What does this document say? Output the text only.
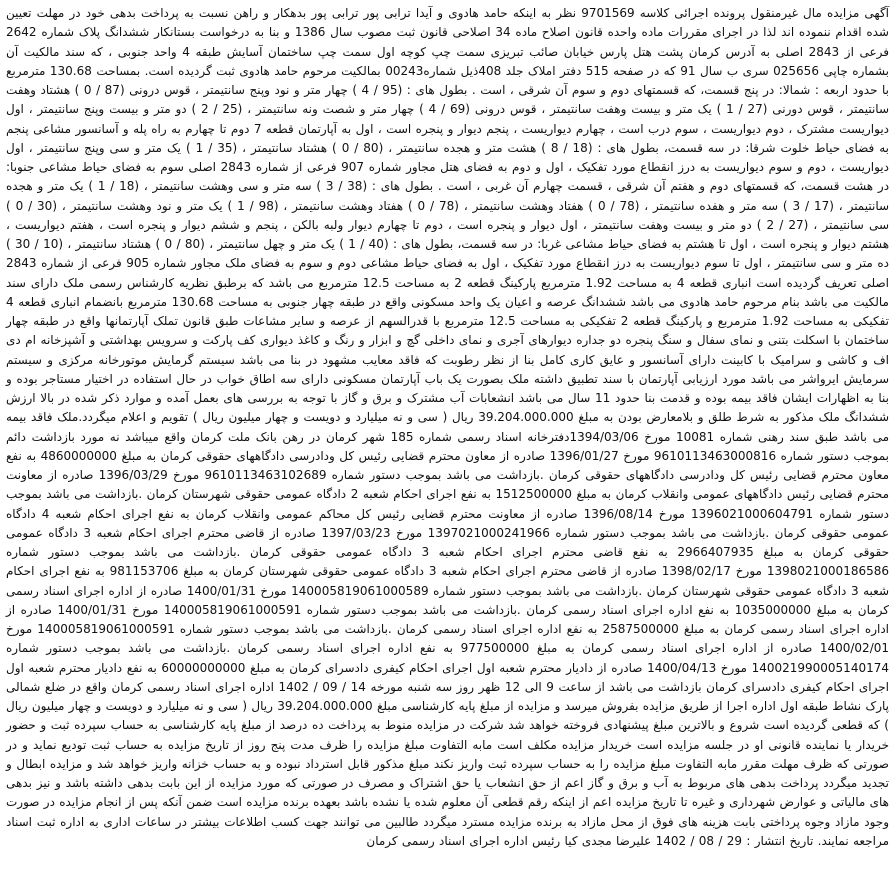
آگهی مزایده مال غیرمنقول پرونده اجرائی کلاسه 9701569 نظر به اینکه حامد هادوی و آیدا ترابی پور ترابی پور بدهکار و راهن نسبت به پرداخت بدهی خود در مهلت تعیین شده اقدام ننموده اند لذا در اجرای مقررات ماده واحده قانون اصلاح ماده 34 اصلاحی قانون ثبت مصوب سال 1386 و بنا به درخواست بستانکار ششدانگ پلاک شماره 2642 فرعی از 2843 اصلی به آدرس کرمان پشت هتل پارس خیابان صائب تبریزی سمت چپ کوچه اول سمت چپ ساختمان آسایش طبقه 4 واحد جنوبی ، که سند مالکیت آن بشماره چاپی 025656 سری ب سال 91 که در صفحه 515 دفتر املاک جلد 408ذیل شماره00243 بمالکیت مرحوم حامد هادوی ثبت گردیده است. بمساحت 130.68 مترمربع با حدود اربعه : شمالا: در پنج قسمت، که قسمتهای دوم و سوم آن شرقی ، است . بطول های : (95 / 4 ) چهار متر و نود وپنج سانتیمتر ، قوس درونی (87 / 0 ) هشتاد وهفت سانتیمتر ، قوس دورنی (27 / 1 ) یک متر و بیست وهفت سانتیمتر ، قوس درونی (69 / 4 ) چهار متر و شصت ونه سانتیمتر ، (25 / 2 ) دو متر و بیست وپنج سانتیمتر ، اول دیواریست مشترک ، دوم دیواریست ، سوم درب است ، چهارم دیواریست ، پنجم دیوار و پنجره است ، اول به آپارتمان قطعه 7 دوم تا چهارم به راه پله و آسانسور مشاعی پنجم به فضای حیاط خلوت شرقا: در سه قسمت، بطول های : (18 / 8 ) هشت متر و هجده سانتیمتر ، (80 / 0 ) هشتاد سانتیمتر ، (35 / 1 ) یک متر و سی وپنج سانتیمتر ، اول دیواریست ، دوم و سوم دیواریست به درز انقطاع مورد تفکیک ، اول و دوم به فضای هتل مجاور شماره 907 فرعی از شماره 2843 اصلی سوم به فضای حیاط مشاعی جنوبا: در هشت قسمت، که قسمتهای دوم و هفتم آن شرقی ، قسمت چهارم آن غربی ، است . بطول های : (38 / 3 ) سه متر و سی وهشت سانتیمتر ، (18 / 1 ) یک متر و هجده سانتیمتر ، (17 / 3 ) سه متر و هفده سانتیمتر ، (78 / 0 ) هفتاد وهشت سانتیمتر ، (78 / 0 ) هفتاد وهشت سانتیمتر ، (98 / 1 ) یک متر و نود وهشت سانتیمتر ، (30 / 0 ) سی سانتیمتر ، (27 / 2 ) دو متر و بیست وهفت سانتیمتر ، اول دیوار و پنجره است ، دوم تا چهارم دیوار ولبه بالکن ، پنجم و ششم دیوار و پنجره است ، هفتم دیواریست ، هشتم دیوار و پنجره است ، اول تا هشتم به فضای حیاط مشاعی غربا: در سه قسمت، بطول های : (40 / 1 ) یک متر و چهل سانتیمتر ، (80 / 0 ) هشتاد سانتیمتر ، (10 / 30 ) ده متر و سی سانتیمتر ، اول تا سوم دیواریست به درز انقطاع مورد تفکیک ، اول به فضای حیاط مشاعی دوم و سوم به فضای ملک مجاور شماره 905 فرعی از شماره 2843 اصلی تعریف گردیده است انباری قطعه 4 به مساحت 1.92 مترمربع پارکینگ قطعه 2 به مساحت 12.5 مترمربع می باشد که برطبق نظریه کارشناس رسمی ملک دارای سند مالکیت می باشد بنام مرحوم حامد هادوی می باشد ششدانگ عرصه و اعیان یک واحد مسکونی واقع در طبقه چهار جنوبی به مساحت 130.68 مترمربع بانضمام انباری قطعه 4 تفکیکی به مساحت 1.92 مترمربع و پارکینگ قطعه 2 تفکیکی به مساحت 12.5 مترمربع با قدرالسهم از عرصه و سایر مشاعات طبق قانون تملک آپارتمانها واقع در طبقه چهار ساختمان با اسکلت بتنی و نمای سفال و سنگ پنجره دو جداره دیوارهای آجری و نمای داخلی گچ و ابزار و رنگ و کاغذ دیواری کف پارکت و سرویس بهداشتی و آشپزخانه ام دی اف و کاشی و سرامیک با کابینت دارای آسانسور و عایق کاری کامل بنا از نظر رطوبت که فاقد معایب مشهود در بنا می باشد سیستم گرمایش موتورخانه مرکزی و سیستم سرمایش ایرواشر می باشد مورد ارزیابی آپارتمان با سند تطبیق داشته ملک بصورت یک باب آپارتمان مسکونی دارای سه اطاق خواب در حال استفاده در اختیار مستاجر بوده و بنا به اظهارات ایشان فاقد بیمه بوده و قدمت بنا حدود 11 سال می باشد انشعابات آب مشترک و برق و گاز با توجه به بررسی های بعمل آمده و موارد ذکر شده در بالا ارزش ششدانگ ملک مذکور به شرط طلق و بلامعارض بودن به مبلغ 39.204.000.000 ریال ( سی و نه میلیارد و دویست و چهار میلیون ریال ) تقویم و اعلام میگردد.ملک فاقد بیمه می باشد طبق سند رهنی شماره 10081 مورخ 1394/03/06دفترخانه اسناد رسمی شماره 185 شهر کرمان در رهن بانک ملت کرمان واقع میباشد نه مورد بازداشت دائم بموجب دستور شماره 9610113463000816 مورخ 1396/01/27 صادره از معاون محترم قضایی رئیس کل ودادرسی دادگاههای حقوقی کرمان به مبلغ 4860000000 به نفع معاون محترم قضایی رئیس کل ودادرسی دادگاههای حقوقی کرمان .بازداشت می باشد بموجب دستور شماره 9610113463102689 مورخ 1396/03/29 صادره از معاونت محترم قضایی رئیس دادگاههای عمومی وانقلاب کرمان به مبلغ 1512500000 به نفع اجرای احکام شعبه 2 دادگاه عمومی حقوقی شهرستان کرمان .بازداشت می باشد بموجب دستور شماره 1396021000604791 مورخ 1396/08/14 صادره از معاونت محترم قضایی رئیس کل محاکم عمومی وانقلاب کرمان به نفع اجرای احکام شعبه 4 دادگاه عمومی حقوقی کرمان .بازداشت می باشد بموجب دستور شماره 1397021000241966 مورخ 1397/03/23 صادره از قاضی محترم اجرای احکام شعبه 3 دادگاه عمومی حقوقی کرمان به مبلغ 2966407935 به نفع قاضی محترم اجرای احکام شعبه 3 دادگاه عمومی حقوقی کرمان .بازداشت می باشد بموجب دستور شماره 1398021000186586 مورخ 1398/02/17 صادره از قاضی محترم اجرای احکام شعبه 3 دادگاه عمومی حقوقی شهرستان کرمان به مبلغ 981153706 به نفع اجرای احکام شعبه 3 دادگاه عمومی حقوقی شهرستان کرمان .بازداشت می باشد بموجب دستور شماره 140005819061000589 مورخ 1400/01/31 صادره از اداره اجرای اسناد رسمی کرمان به مبلغ 1035000000 به نفع اداره اجرای اسناد رسمی کرمان .بازداشت می باشد بموجب دستور شماره 140005819061000591 مورخ 1400/01/31 صادره از اداره اجرای اسناد رسمی کرمان به مبلغ 2587500000 به نفع اداره اجرای اسناد رسمی کرمان .بازداشت می باشد بموجب دستور شماره 140005819061000591 مورخ 1400/02/01 صادره از اداره اجرای اسناد رسمی کرمان به مبلغ 977500000 به نفع اداره اجرای اسناد رسمی کرمان .بازداشت می باشد بموجب دستور شماره 140021990005140174 مورخ 1400/04/13 صادره از دادیار محترم شعبه اول اجرای احکام کیفری دادسرای کرمان به مبلغ 60000000000 به نفع دادیار محترم شعبه اول اجرای احکام کیفری دادسرای کرمان بازداشت می باشد از ساعت 9 الی 12 ظهر روز سه شنبه مورخه 14 / 09 / 1402 اداره اجرای اسناد رسمی کرمان واقع در ضلع شمالی پارک نشاط طبقه اول اداره اجرا از طریق مزایده بفروش میرسد و مزایده از مبلغ پایه کارشناسی مبلغ 39.204.000.000 ریال ( سی و نه میلیارد و دویست و چهار میلیون ریال ) که قطعی گردیده است شروع و بالاترین مبلغ پیشنهادی فروخته خواهد شد شرکت در مزایده منوط به پرداخت ده درصد از مبلغ پایه کارشناسی به حساب سپرده ثبت و حضور خریدار یا نماینده قانونی او در جلسه مزایده است خریدار مزایده مکلف است مابه التفاوت مبلغ مزایده را ظرف مدت پنج روز از تاریخ مزایده به حساب ثبت تودیع نماید و در صورتی که ظرف مهلت مقرر مابه التفاوت مبلغ مزایده را به حساب سپرده ثبت واریز نکند مبلغ مذکور قابل استرداد نبوده و به حساب خزانه واریز خواهد شد و مزایده ابطال و تجدید میگردد پرداخت بدهی های مربوط به آب و برق و گاز اعم از حق انشعاب یا حق اشتراک و مصرف در صورتی که مورد مزایده از این بابت بدهی داشته باشد و نیز بدهی های مالیاتی و عوارض شهرداری و غیره تا تاریخ مزایده اعم از اینکه رقم قطعی آن معلوم شده یا نشده باشد بعهده برنده مزایده است ضمن آنکه پس از انجام مزایده در صورت وجود مازاد وجوه پرداختی بابت هزینه های فوق از محل مازاد به برنده مزایده مسترد میگردد طالبین می توانند جهت کسب اطلاعات بیشتر در ساعات اداری به اداره ثبت اسناد مراجعه نمایند. تاریخ انتشار : 29 / 08 / 1402 علیرضا مجدی کیا رئیس اداره اجرای اسناد رسمی کرمان
